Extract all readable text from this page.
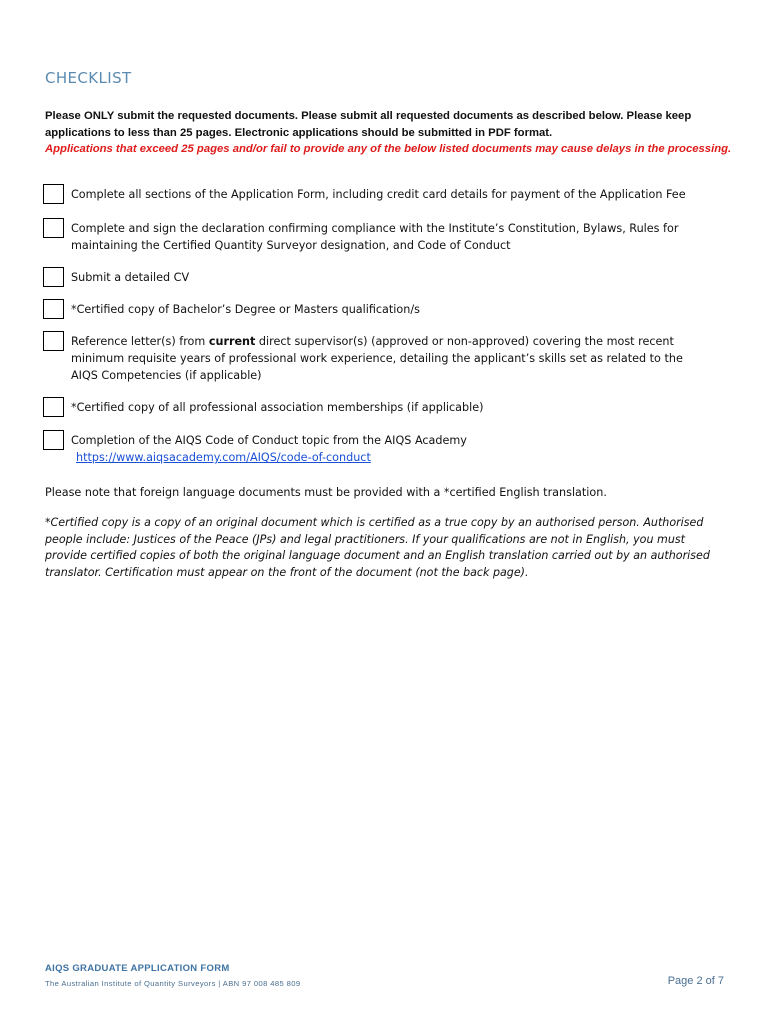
CHECKLIST
Please ONLY submit the requested documents. Please submit all requested documents as described below. Please keep applications to less than 25 pages. Electronic applications should be submitted in PDF format.
Applications that exceed 25 pages and/or fail to provide any of the below listed documents may cause delays in the processing.
Complete all sections of the Application Form, including credit card details for payment of the Application Fee
Complete and sign the declaration confirming compliance with the Institute’s Constitution, Bylaws, Rules for maintaining the Certified Quantity Surveyor designation, and Code of Conduct
Submit a detailed CV
*Certified copy of Bachelor’s Degree or Masters qualification/s
Reference letter(s) from current direct supervisor(s) (approved or non-approved) covering the most recent minimum requisite years of professional work experience, detailing the applicant’s skills set as related to the AIQS Competencies (if applicable)
*Certified copy of all professional association memberships (if applicable)
Completion of the AIQS Code of Conduct topic from the AIQS Academy
https://www.aiqsacademy.com/AIQS/code-of-conduct
Please note that foreign language documents must be provided with a *certified English translation.
*Certified copy is a copy of an original document which is certified as a true copy by an authorised person. Authorised people include: Justices of the Peace (JPs) and legal practitioners. If your qualifications are not in English, you must provide certified copies of both the original language document and an English translation carried out by an authorised translator. Certification must appear on the front of the document (not the back page).
AIQS GRADUATE APPLICATION FORM
The Australian Institute of Quantity Surveyors | ABN 97 008 485 809	Page 2 of 7
